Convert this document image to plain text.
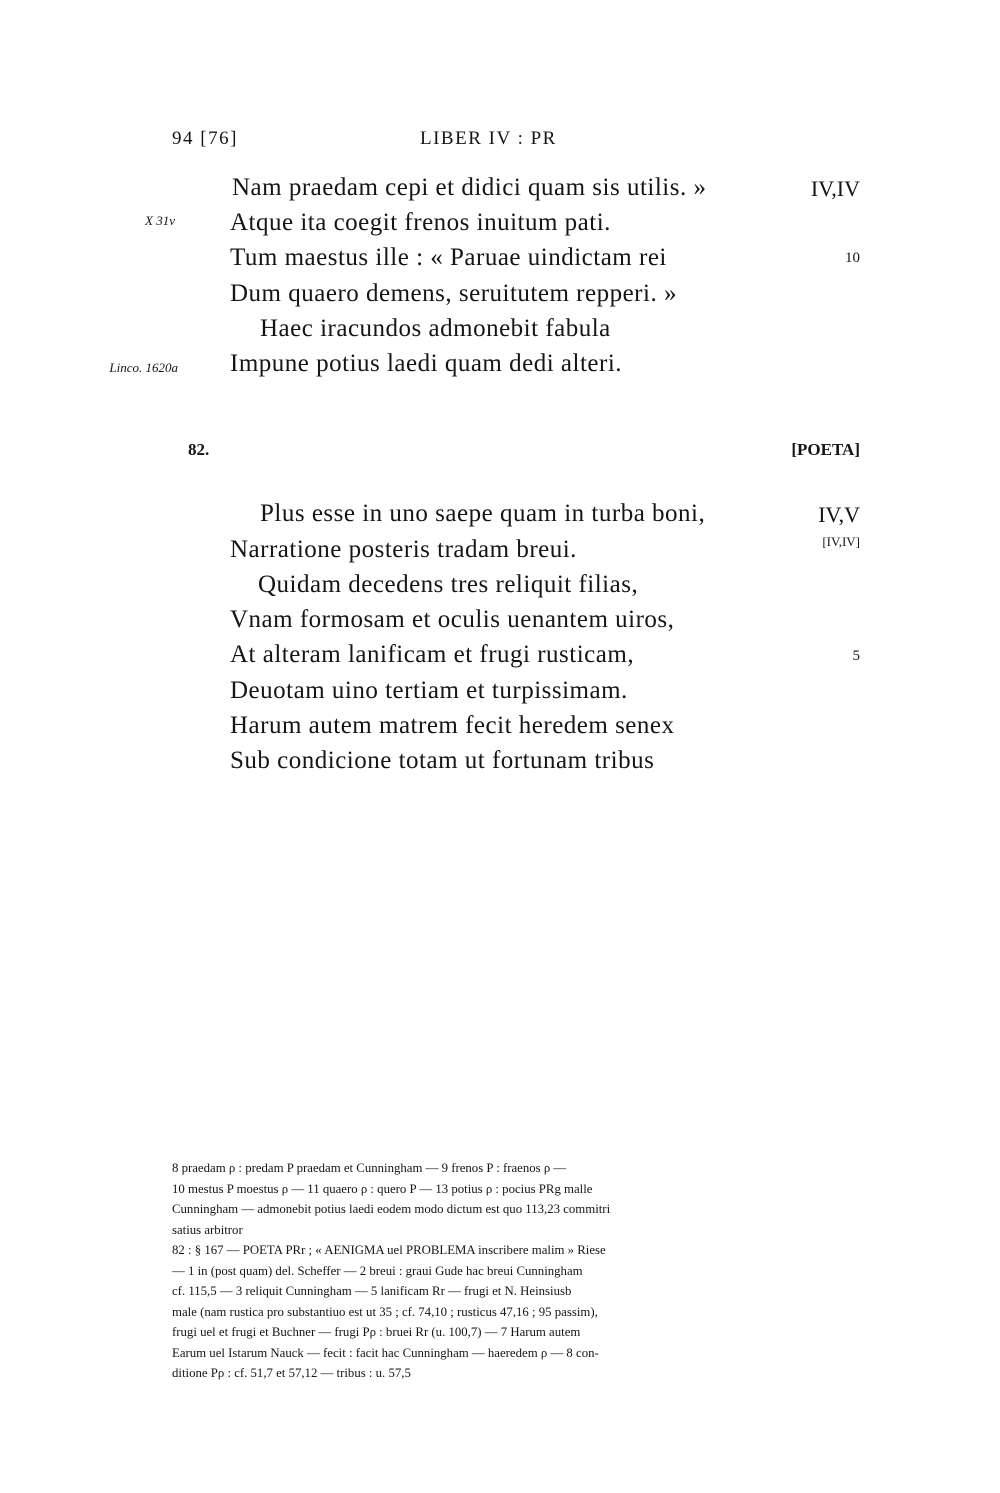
94 [76]	LIBER IV : PR
Nam praedam cepi et didici quam sis utilis. »
Atque ita coegit frenos inuitum pati.
Tum maestus ille : « Paruae uindictam rei
Dum quaero demens, seruitutem repperi. »
Haec iracundos admonebit fabula
Impune potius laedi quam dedi alteri.
IV,IV
10
X 31v
Linco. 1620a
82.	[POETA]
Plus esse in uno saepe quam in turba boni,
Narratione posteris tradam breui.
Quidam decedens tres reliquit filias,
Vnam formosam et oculis uenantem uiros,
At alteram lanificam et frugi rusticam,
Deuotam uino tertiam et turpissimam.
Harum autem matrem fecit heredem senex
Sub condicione totam ut fortunam tribus
IV,V
[IV,IV]
5
8 praedam ρ : predam P praedam et Cunningham — 9 frenos P : fraenos ρ —
10 mestus P moestus ρ — 11 quaero ρ : quero P — 13 potius ρ : pocius PRg malle
Cunningham — admonebit potius laedi eodem modo dictum est quo 113,23 commitri
satius arbitror
82 : § 167 — POETA PRr ; « AENIGMA uel PROBLEMA inscribere malim » Riese
— 1 in (post quam) del. Scheffer — 2 breui : graui Gude hac breui Cunningham
cf. 115,5 — 3 reliquit Cunningham — 5 lanificam Rr — frugi et N. Heinsiusb
male (nam rustica pro substantiuo est ut 35 ; cf. 74,10 ; rusticus 47,16 ; 95 passim),
frugi uel et frugi et Buchner — frugi Pρ : bruei Rr (u. 100,7) — 7 Harum autem
Earum uel Istarum Nauck — fecit : facit hac Cunningham — haeredem ρ — 8 con-
ditione Pρ : cf. 51,7 et 57,12 — tribus : u. 57,5
